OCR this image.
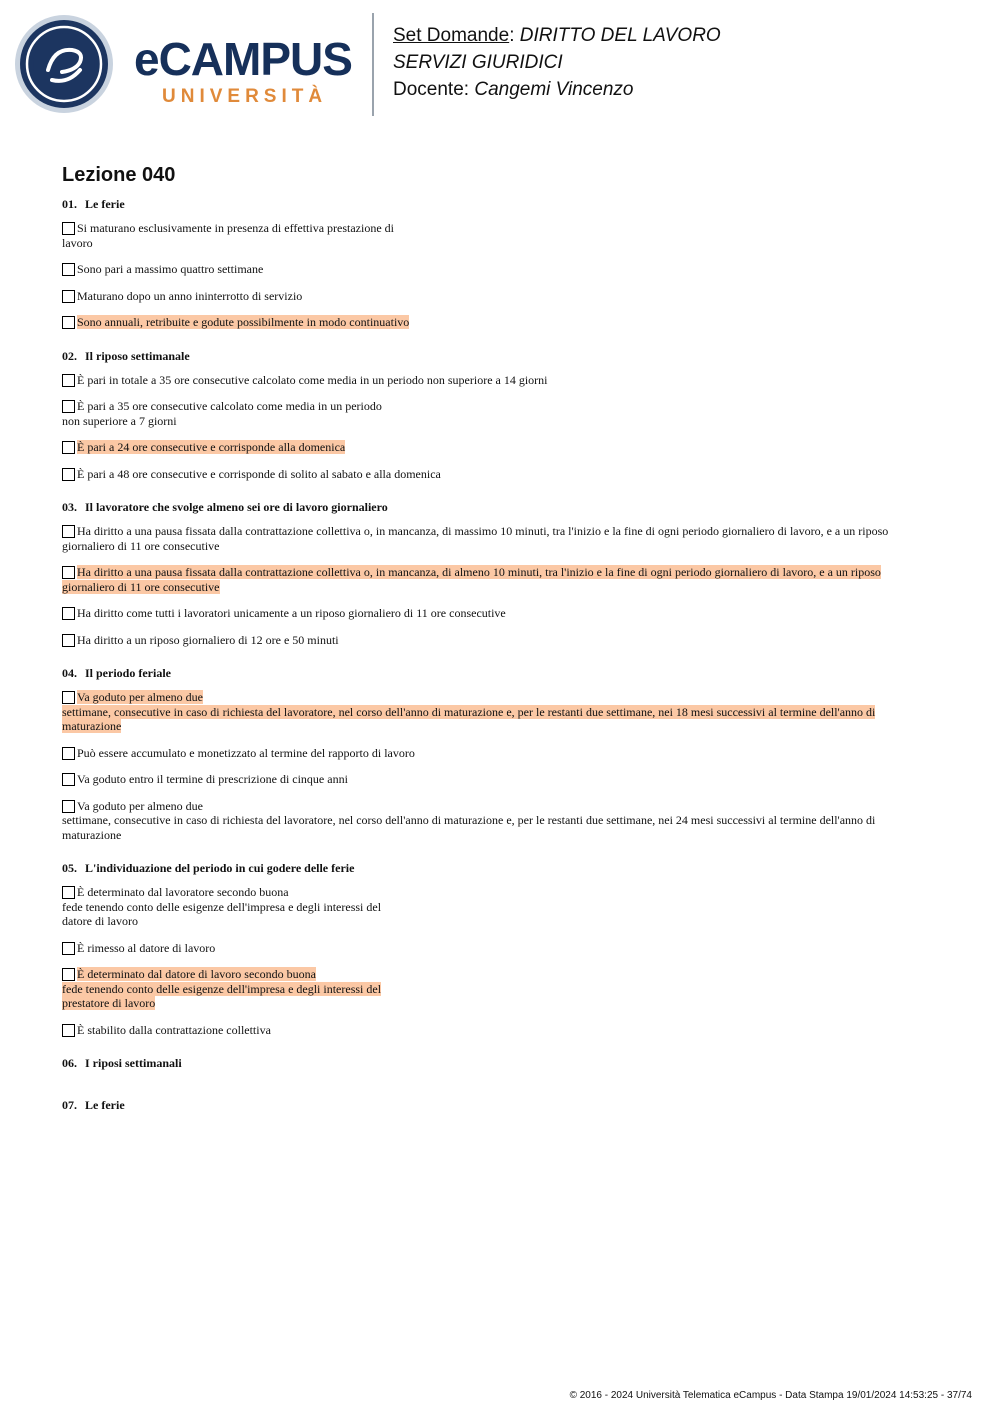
eCAMPUS
UNIVERSITÀ
Set Domande: DIRITTO DEL LAVORO
SERVIZI GIURIDICI
Docente: Cangemi Vincenzo
Lezione 040
01. Le ferie
Si maturano esclusivamente in presenza di effettiva prestazione di
lavoro
Sono pari a massimo quattro settimane
Maturano dopo un anno ininterrotto di servizio
Sono annuali, retribuite e godute possibilmente in modo continuativo
02. Il riposo settimanale
È pari in totale a 35 ore consecutive calcolato come media in un periodo non superiore a 14 giorni
È pari a 35 ore consecutive calcolato come media in un periodo
non superiore a 7 giorni
È pari a 24 ore consecutive e corrisponde alla domenica
È pari a 48 ore consecutive e corrisponde di solito al sabato e alla domenica
03. Il lavoratore che svolge almeno sei ore di lavoro giornaliero
Ha diritto a una pausa fissata dalla contrattazione collettiva o, in mancanza, di massimo 10 minuti, tra l'inizio e la fine di ogni periodo giornaliero di lavoro, e a un riposo
giornaliero di 11 ore consecutive
Ha diritto a una pausa fissata dalla contrattazione collettiva o, in mancanza, di almeno 10 minuti, tra l'inizio e la fine di ogni periodo giornaliero di lavoro, e a un riposo
giornaliero di 11 ore consecutive
Ha diritto come tutti i lavoratori unicamente a un riposo giornaliero di 11 ore consecutive
Ha diritto a un riposo giornaliero di 12 ore e 50 minuti
04. Il periodo feriale
Va goduto per almeno due
settimane, consecutive in caso di richiesta del lavoratore, nel corso dell'anno di maturazione e, per le restanti due settimane, nei 18 mesi successivi al termine dell'anno di
maturazione
Può essere accumulato e monetizzato al termine del rapporto di lavoro
Va goduto entro il termine di prescrizione di cinque anni
Va goduto per almeno due
settimane, consecutive in caso di richiesta del lavoratore, nel corso dell'anno di maturazione e, per le restanti due settimane, nei 24 mesi successivi al termine dell'anno di
maturazione
05. L'individuazione del periodo in cui godere delle ferie
È determinato dal lavoratore secondo buona
fede tenendo conto delle esigenze dell'impresa e degli interessi del
datore di lavoro
È rimesso al datore di lavoro
È determinato dal datore di lavoro secondo buona
fede tenendo conto delle esigenze dell'impresa e degli interessi del
prestatore di lavoro
È stabilito dalla contrattazione collettiva
06. I riposi settimanali
07. Le ferie
© 2016 - 2024 Università Telematica eCampus - Data Stampa 19/01/2024 14:53:25 - 37/74
